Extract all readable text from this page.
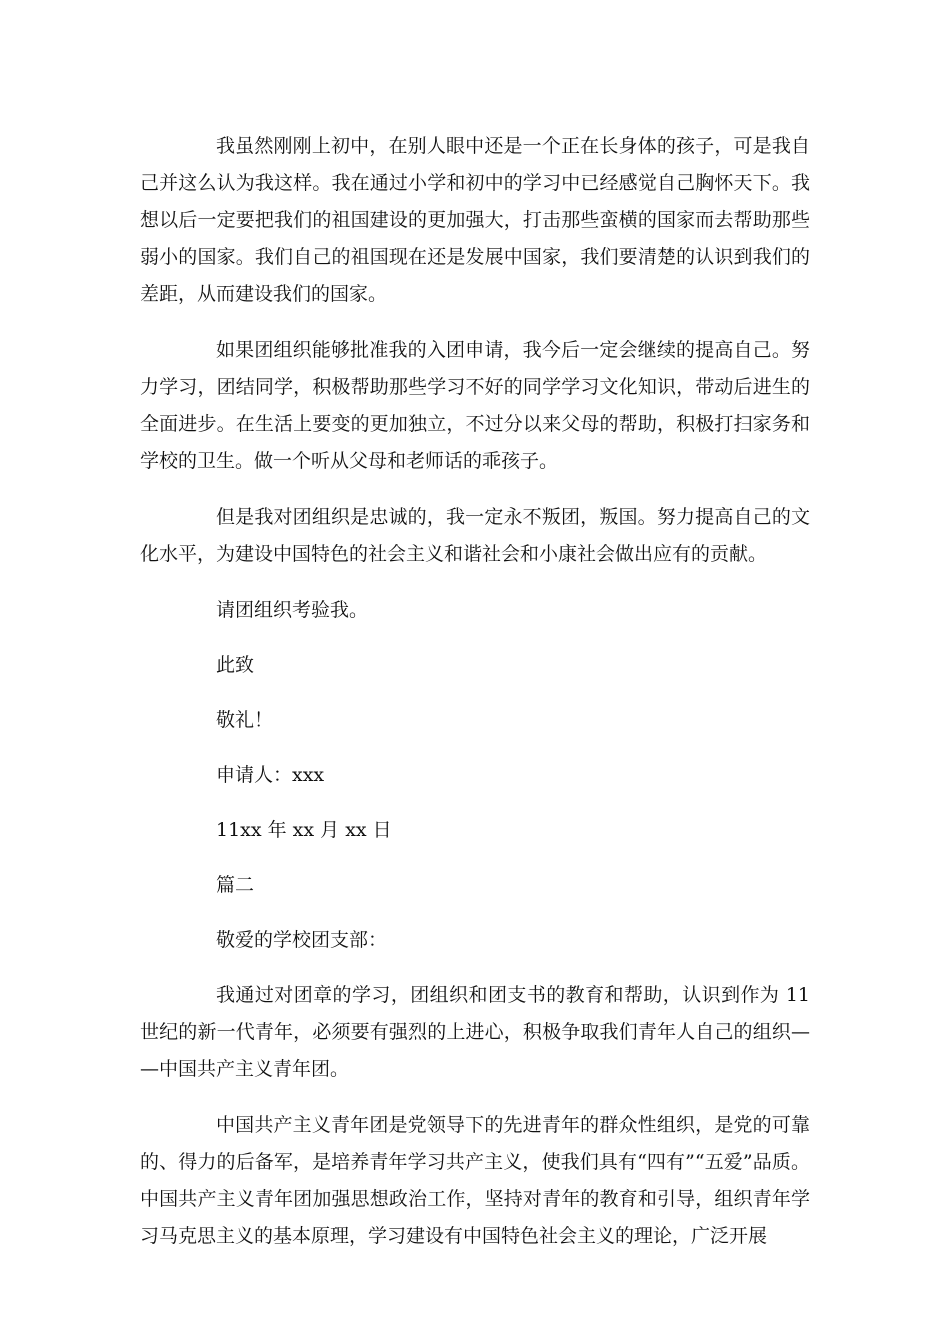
我虽然刚刚上初中，在别人眼中还是一个正在长身体的孩子，可是我自己并这么认为我这样。我在通过小学和初中的学习中已经感觉自己胸怀天下。我想以后一定要把我们的祖国建设的更加强大，打击那些蛮横的国家而去帮助那些弱小的国家。我们自己的祖国现在还是发展中国家，我们要清楚的认识到我们的差距，从而建设我们的国家。

如果团组织能够批准我的入团申请，我今后一定会继续的提高自己。努力学习，团结同学，积极帮助那些学习不好的同学学习文化知识，带动后进生的全面进步。在生活上要变的更加独立，不过分以来父母的帮助，积极打扫家务和学校的卫生。做一个听从父母和老师话的乖孩子。

但是我对团组织是忠诚的，我一定永不叛团，叛国。努力提高自己的文化水平，为建设中国特色的社会主义和谐社会和小康社会做出应有的贡献。

请团组织考验我。

此致

敬礼！

申请人：xxx

11xx 年 xx 月 xx 日

篇二

敬爱的学校团支部：

我通过对团章的学习，团组织和团支书的教育和帮助，认识到作为 11 世纪的新一代青年，必须要有强烈的上进心，积极争取我们青年人自己的组织——中国共产主义青年团。

中国共产主义青年团是党领导下的先进青年的群众性组织，是党的可靠的、得力的后备军，是培养青年学习共产主义，使我们具有“四有”“五爱”品质。中国共产主义青年团加强思想政治工作，坚持对青年的教育和引导，组织青年学习马克思主义的基本原理，学习建设有中国特色社会主义的理论，广泛开展
